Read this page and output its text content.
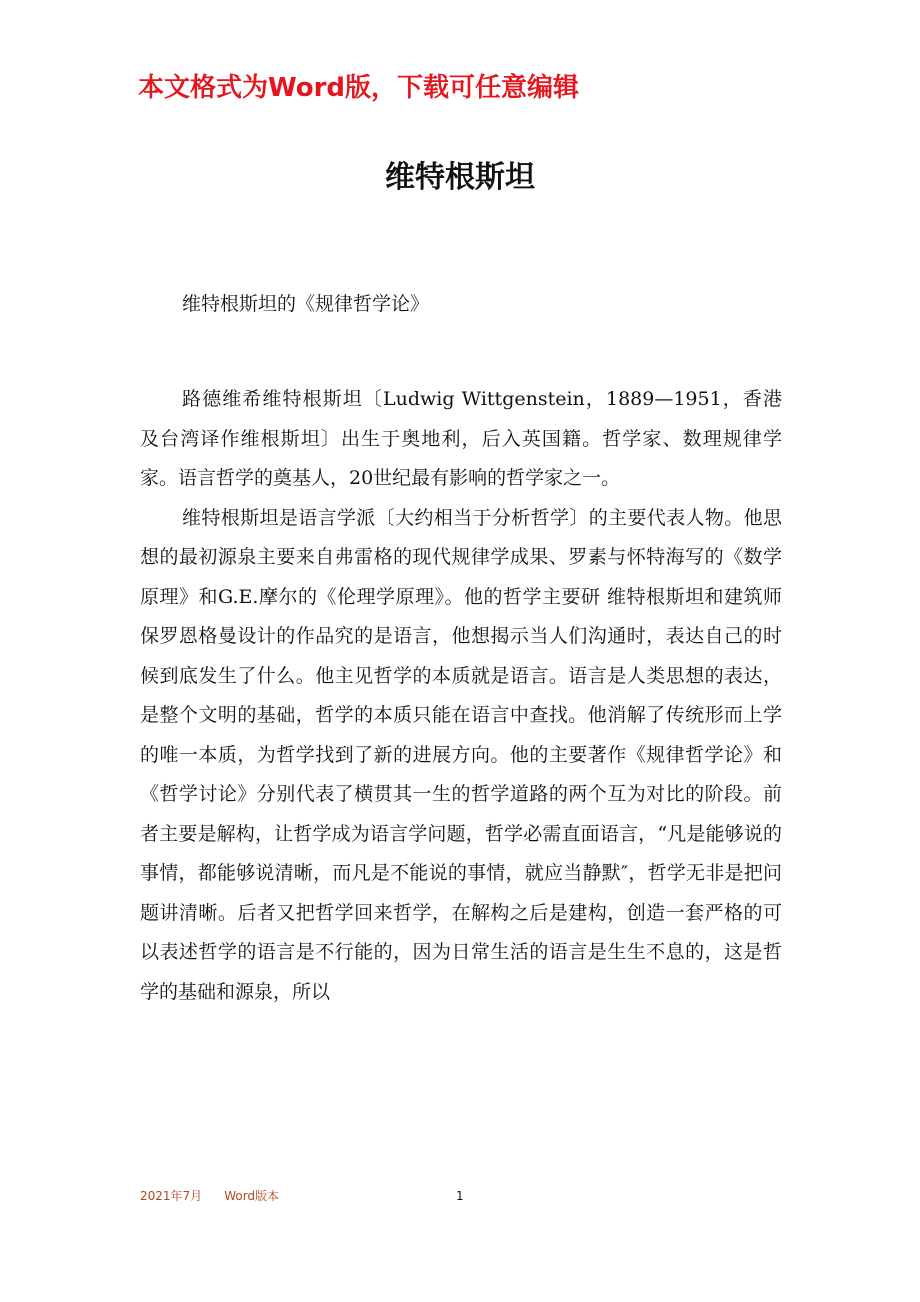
本文格式为Word版，下载可任意编辑
维特根斯坦
维特根斯坦的《规律哲学论》

路德维希维特根斯坦〔Ludwig Wittgenstein，1889—1951，香港及台湾译作维根斯坦〕出生于奥地利，后入英国籍。哲学家、数理规律学家。语言哲学的奠基人，20世纪最有影响的哲学家之一。

维特根斯坦是语言学派〔大约相当于分析哲学〕的主要代表人物。他思想的最初源泉主要来自弗雷格的现代规律学成果、罗素与怀特海写的《数学原理》和G.E.摩尔的《伦理学原理》。他的哲学主要研 维特根斯坦和建筑师保罗恩格曼设计的作品究的是语言，他想揭示当人们沟通时，表达自己的时候到底发生了什么。他主见哲学的本质就是语言。语言是人类思想的表达，是整个文明的基础，哲学的本质只能在语言中查找。他消解了传统形而上学的唯一本质，为哲学找到了新的进展方向。他的主要著作《规律哲学论》和《哲学讨论》分别代表了横贯其一生的哲学道路的两个互为对比的阶段。前者主要是解构，让哲学成为语言学问题，哲学必需直面语言，“凡是能够说的事情，都能够说清晰，而凡是不能说的事情，就应当静默″，哲学无非是把问题讲清晰。后者又把哲学回来哲学，在解构之后是建构，创造一套严格的可以表述哲学的语言是不行能的，因为日常生活的语言是生生不息的，这是哲学的基础和源泉，所以

2021年7月 Word版本	1
